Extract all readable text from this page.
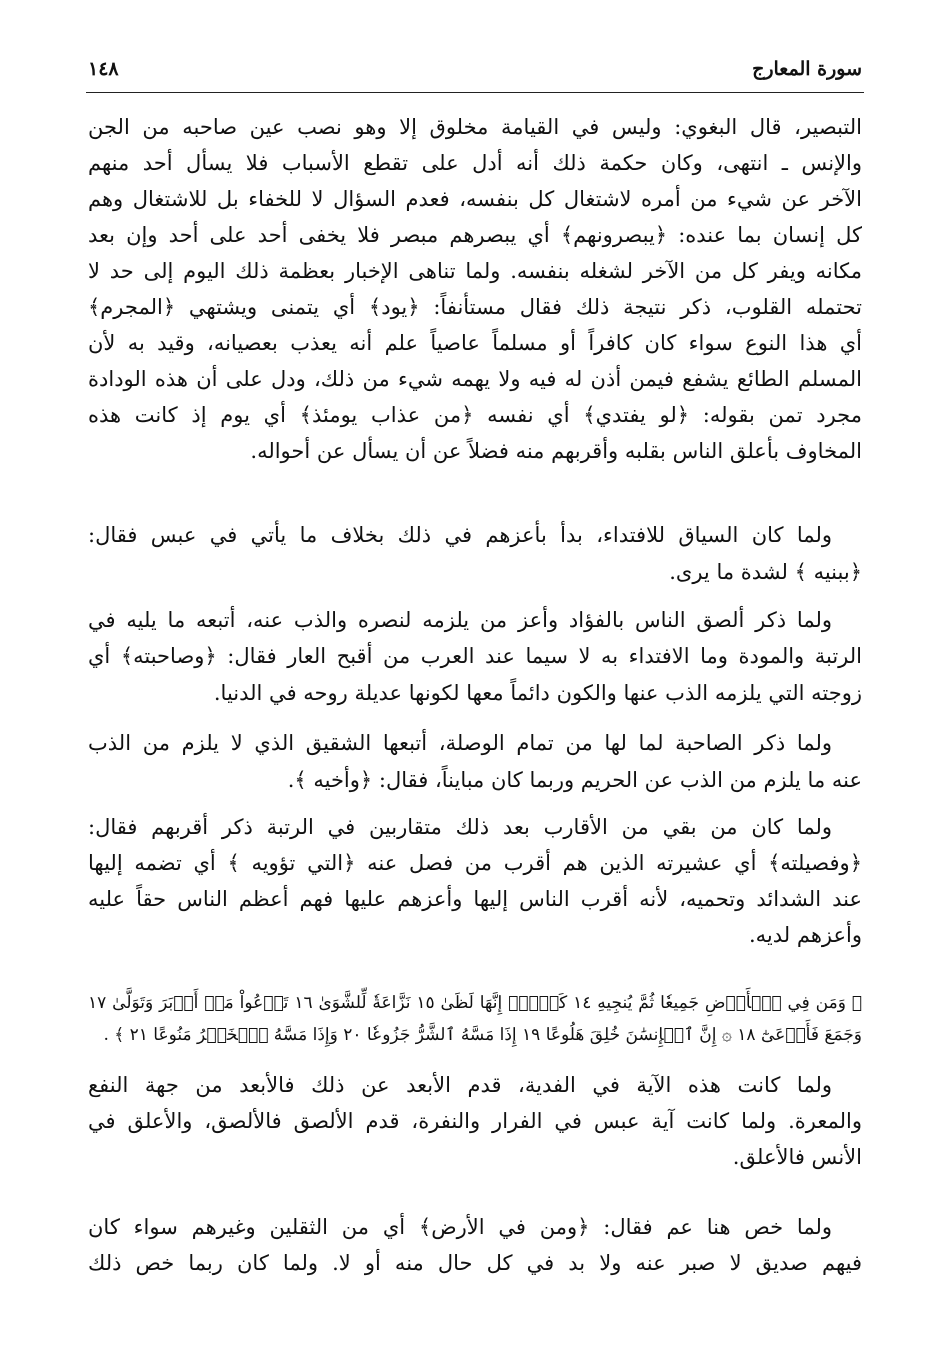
١٤٨	سورة المعارج
التبصير، قال البغوي: وليس في القيامة مخلوق إلا وهو نصب عين صاحبه من الجن
والإنس ـ انتهى، وكان حكمة ذلك أنه أدل على تقطع الأسباب فلا يسأل أحد منهم
الآخر عن شيء من أمره لاشتغال كل بنفسه، فعدم السؤال لا للخفاء بل للاشتغال وهم
كل إنسان بما عنده: ﴿يبصرونهم﴾ أي يبصرهم مبصر فلا يخفى أحد على أحد وإن بعد
مكانه ويفر كل من الآخر لشغله بنفسه. ولما تناهى الإخبار بعظمة ذلك اليوم إلى حد لا
تحتمله القلوب، ذكر نتيجة ذلك فقال مستأنفاً: ﴿يود﴾ أي يتمنى ويشتهي ﴿المجرم﴾
أي هذا النوع سواء كان كافراً أو مسلماً عاصياً علم أنه يعذب بعصيانه، وقيد به لأن
المسلم الطائع يشفع فيمن أذن له فيه ولا يهمه شيء من ذلك، ودل على أن هذه الودادة
مجرد تمن بقوله: ﴿لو يفتدي﴾ أي نفسه ﴿من عذاب يومئذ﴾ أي يوم إذ كانت هذه
المخاوف بأعلق الناس بقلبه وأقربهم منه فضلاً عن أن يسأل عن أحواله.
ولما كان السياق للافتداء، بدأ بأعزهم في ذلك بخلاف ما يأتي في عبس فقال:
﴿ببنيه ﴾ لشدة ما يرى.
ولما ذكر ألصق الناس بالفؤاد وأعز من يلزمه لنصره والذب عنه، أتبعه ما يليه في
الرتبة والمودة وما الافتداء به لا سيما عند العرب من أقبح العار فقال: ﴿وصاحبته﴾ أي
زوجته التي يلزمه الذب عنها والكون دائماً معها لكونها عديلة روحه في الدنيا.
ولما ذكر الصاحبة لما لها من تمام الوصلة، أتبعها الشقيق الذي لا يلزم من الذب
عنه ما يلزم من الذب عن الحريم وربما كان مبايناً، فقال: ﴿وأخيه ﴾.
ولما كان من بقي من الأقارب بعد ذلك متقاربين في الرتبة ذكر أقربهم فقال:
﴿وفصيلته﴾ أي عشيرته الذين هم أقرب من فصل عنه ﴿التي تؤويه ﴾ أي تضمه إليها
عند الشدائد وتحميه، لأنه أقرب الناس إليها وأعزهم عليها فهم أعظم الناس حقاً عليه
وأعزهم لديه.
﴿ وَمَن فِي ٱلۡأَرۡضِ جَمِيعٗا ثُمَّ يُنجِيهِ ١٤ كَلَّآۖ إِنَّهَا لَظَىٰ ١٥ نَزَّاعَةٗ لِّلشَّوَىٰ ١٦ تَدۡعُواْ مَنۡ أَدۡبَرَ وَتَوَلَّىٰ ١٧
وَجَمَعَ فَأَوۡعَىٰٓ ١٨ ۞ إِنَّ ٱلۡإِنسَٰنَ خُلِقَ هَلُوعًا ١٩ إِذَا مَسَّهُ ٱلشَّرُّ جَزُوعٗا ٢٠ وَإِذَا مَسَّهُ ٱلۡخَيۡرُ مَنُوعًا ٢١ ﴾ .
ولما كانت هذه الآية في الفدية، قدم الأبعد عن ذلك فالأبعد من جهة النفع
والمعرة. ولما كانت آية عبس في الفرار والنفرة، قدم الألصق فالألصق، والأعلق في
الأنس فالأعلق.
ولما خص هنا عم فقال: ﴿ومن في الأرض﴾ أي من الثقلين وغيرهم سواء كان
فيهم صديق لا صبر عنه ولا بد في كل حال منه أو لا. ولما كان ربما خص ذلك
